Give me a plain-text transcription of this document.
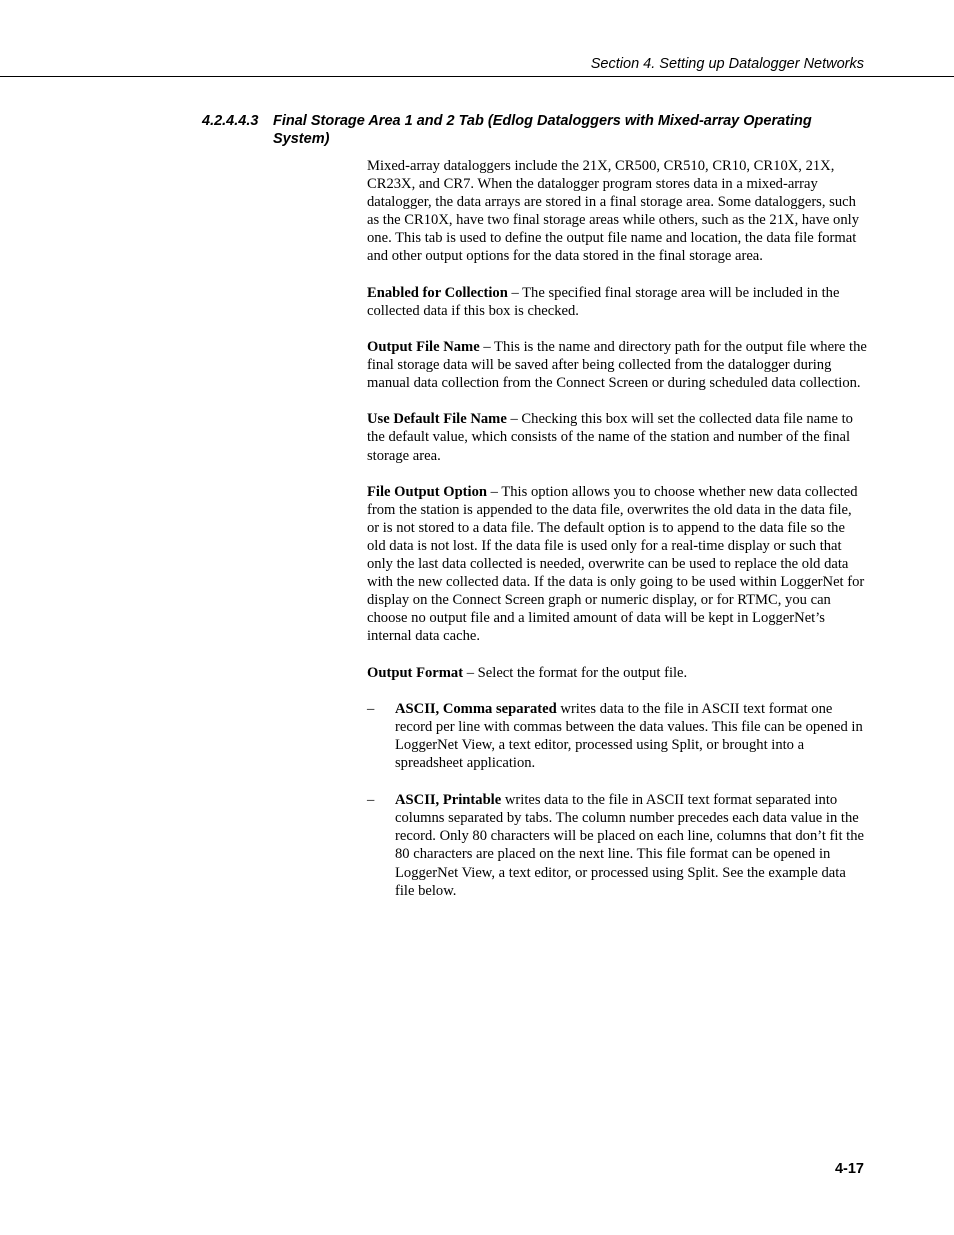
Section 4. Setting up Datalogger Networks
4.2.4.4.3	Final Storage Area 1 and 2 Tab (Edlog Dataloggers with Mixed-array Operating System)

Mixed-array dataloggers include the 21X, CR500, CR510, CR10, CR10X, 21X, CR23X, and CR7. When the datalogger program stores data in a mixed-array datalogger, the data arrays are stored in a final storage area. Some dataloggers, such as the CR10X, have two final storage areas while others, such as the 21X, have only one. This tab is used to define the output file name and location, the data file format and other output options for the data stored in the final storage area.

Enabled for Collection – The specified final storage area will be included in the collected data if this box is checked.

Output File Name – This is the name and directory path for the output file where the final storage data will be saved after being collected from the datalogger during manual data collection from the Connect Screen or during scheduled data collection.

Use Default File Name – Checking this box will set the collected data file name to the default value, which consists of the name of the station and number of the final storage area.

File Output Option – This option allows you to choose whether new data collected from the station is appended to the data file, overwrites the old data in the data file, or is not stored to a data file. The default option is to append to the data file so the old data is not lost. If the data file is used only for a real-time display or such that only the last data collected is needed, overwrite can be used to replace the old data with the new collected data. If the data is only going to be used within LoggerNet for display on the Connect Screen graph or numeric display, or for RTMC, you can choose no output file and a limited amount of data will be kept in LoggerNet’s internal data cache.

Output Format – Select the format for the output file.

–	ASCII, Comma separated writes data to the file in ASCII text format one record per line with commas between the data values. This file can be opened in LoggerNet View, a text editor, processed using Split, or brought into a spreadsheet application.
–	ASCII, Printable writes data to the file in ASCII text format separated into columns separated by tabs. The column number precedes each data value in the record. Only 80 characters will be placed on each line, columns that don’t fit the 80 characters are placed on the next line. This file format can be opened in LoggerNet View, a text editor, or processed using Split. See the example data file below.
4-17
